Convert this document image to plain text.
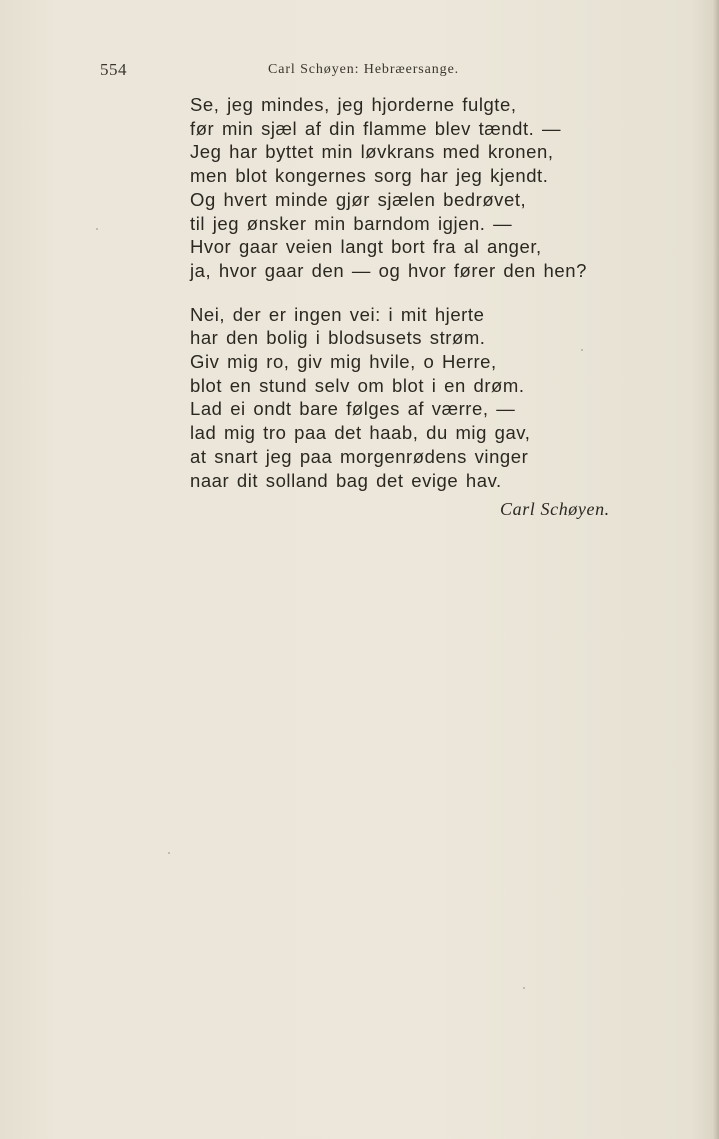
554	Carl Schøyen: Hebræersange.
Se, jeg mindes, jeg hjorderne fulgte,
før min sjæl af din flamme blev tændt. —
Jeg har byttet min løvkrans med kronen,
men blot kongernes sorg har jeg kjendt.
Og hvert minde gjør sjælen bedrøvet,
til jeg ønsker min barndom igjen. —
Hvor gaar veien langt bort fra al anger,
ja, hvor gaar den — og hvor fører den hen?
Nei, der er ingen vei: i mit hjerte
har den bolig i blodsusets strøm.
Giv mig ro, giv mig hvile, o Herre,
blot en stund selv om blot i en drøm.
Lad ei ondt bare følges af værre, —
lad mig tro paa det haab, du mig gav,
at snart jeg paa morgenrødens vinger
naar dit solland bag det evige hav.
Carl Schøyen.
